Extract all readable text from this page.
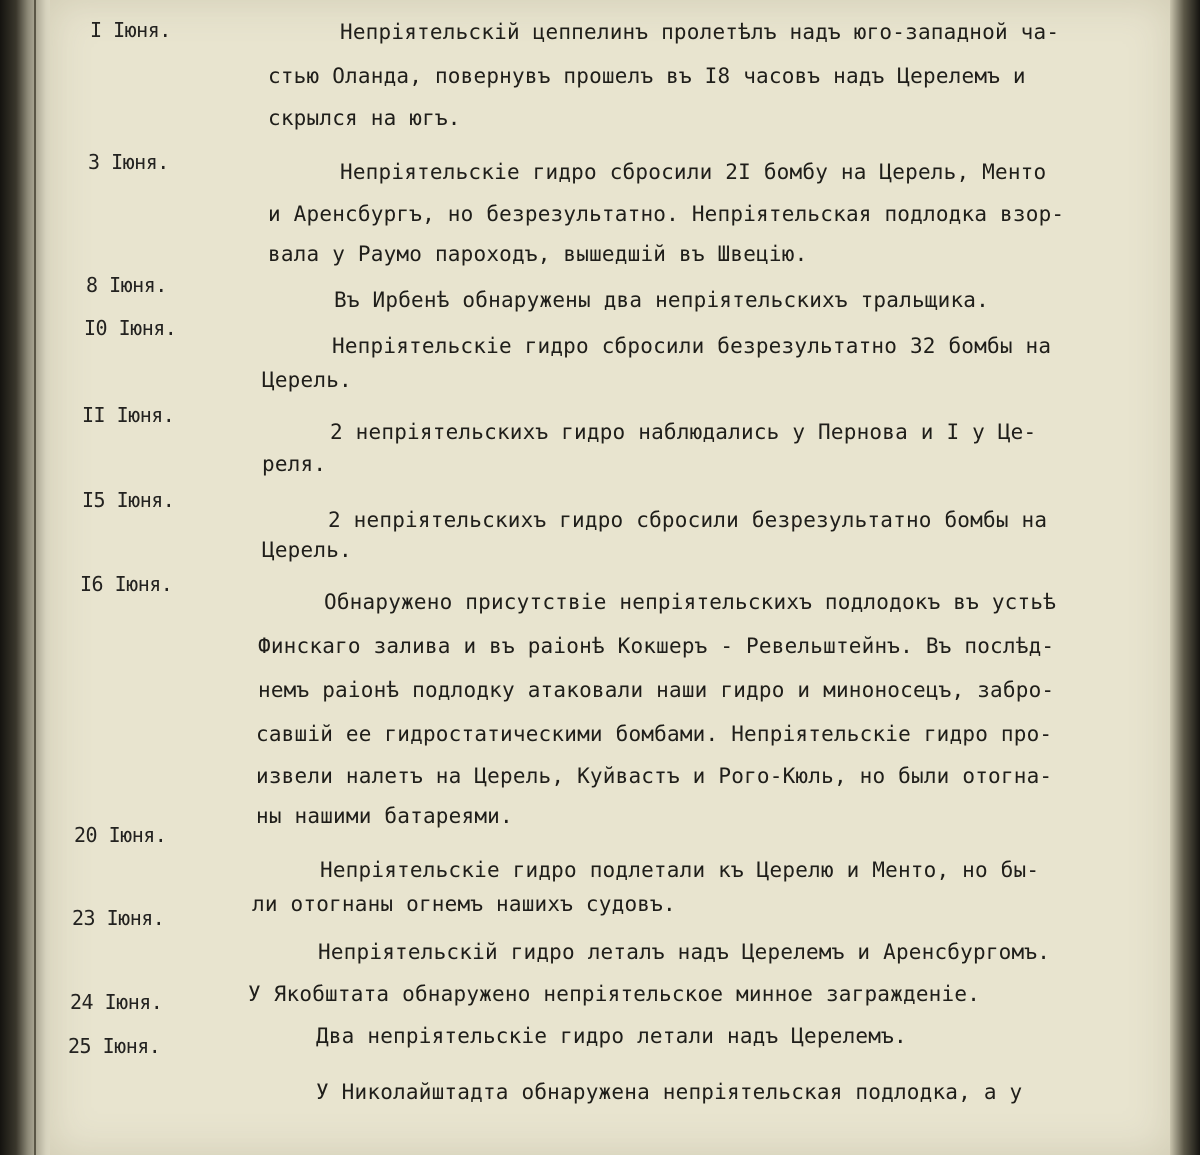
I Іюня.
3 Іюня.
8 Іюня.
I0 Іюня.
II Іюня.
I5 Іюня.
I6 Іюня.
20 Іюня.
23 Іюня.
24 Іюня.
25 Іюня.
Непріятельскій цеппелинъ пролетѣлъ надъ юго-западной ча-
стью Оланда, повернувъ прошелъ въ I8 часовъ надъ Церелемъ и
скрылся на югъ.
Непріятельскіе гидро сбросили 2I бомбу на Церель, Менто
и Аренсбургъ, но безрезультатно. Непріятельская подлодка взор-
вала у Раумо пароходъ, вышедшій въ Швецію.
Въ Ирбенѣ обнаружены два непріятельскихъ тральщика.
Непріятельскіе гидро сбросили безрезультатно 32 бомбы на
Церель.
2 непріятельскихъ гидро наблюдались у Пернова и I у Це-
реля.
2 непріятельскихъ гидро сбросили безрезультатно бомбы на
Церель.
Обнаружено присутствіе непріятельскихъ подлодокъ въ устьѣ
Финскаго залива и въ раіонѣ Кокшеръ - Ревельштейнъ. Въ послѣд-
немъ раіонѣ подлодку атаковали наши гидро и миноносецъ, забро-
савшій ее гидростатическими бомбами. Непріятельскіе гидро про-
извели налетъ на Церель, Куйвастъ и Рого-Кюль, но были отогна-
ны нашими батареями.
Непріятельскіе гидро подлетали къ Церелю и Менто, но бы-
ли отогнаны огнемъ нашихъ судовъ.
Непріятельскій гидро леталъ надъ Церелемъ и Аренсбургомъ.
У Якобштата обнаружено непріятельское минное загражденіе.
Два непріятельскіе гидро летали надъ Церелемъ.
У Николайштадта обнаружена непріятельская подлодка, а у
